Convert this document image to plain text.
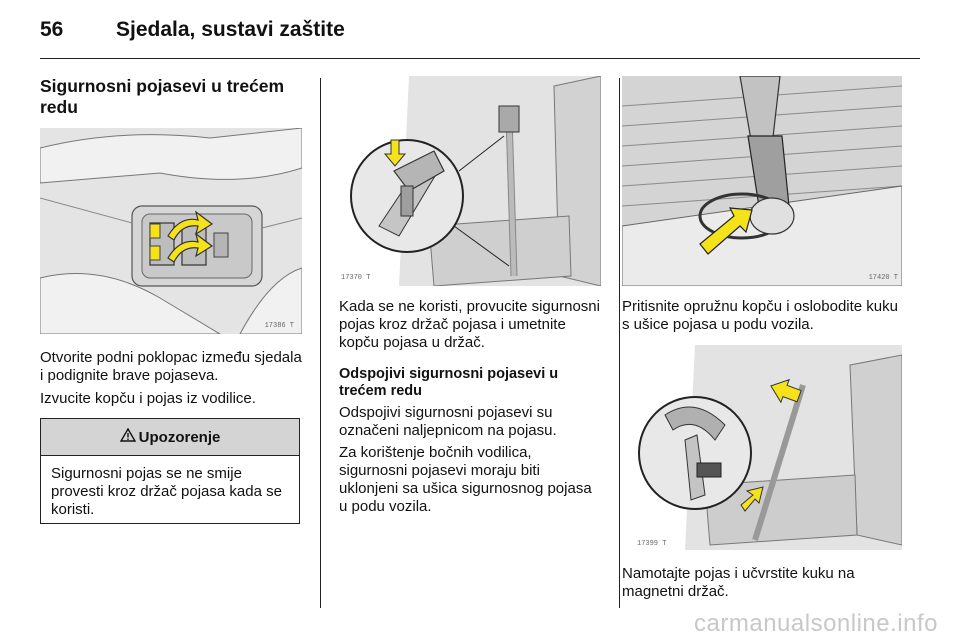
56	Sjedala, sustavi zaštite
Sigurnosni pojasevi u trećem redu
17386 T

Otvorite podni poklopac između sjedala i podignite brave pojaseva.

Izvucite kopču i pojas iz vodilice.

Upozorenje
Sigurnosni pojas se ne smije provesti kroz držač pojasa kada se koristi.
17370 T

Kada se ne koristi, provucite sigurnosni pojas kroz držač pojasa i umetnite kopču pojasa u držač.

Odspojivi sigurnosni pojasevi u trećem redu

Odspojivi sigurnosni pojasevi su označeni naljepnicom na pojasu.

Za korištenje bočnih vodilica, sigurnosni pojasevi moraju biti uklonjeni sa ušica sigurnosnog pojasa u podu vozila.

17420 T

Pritisnite opružnu kopču i oslobodite kuku s ušice pojasa u podu vozila.

17399 T

Namotajte pojas i učvrstite kuku na magnetni držač.

carmanualsonline.info
